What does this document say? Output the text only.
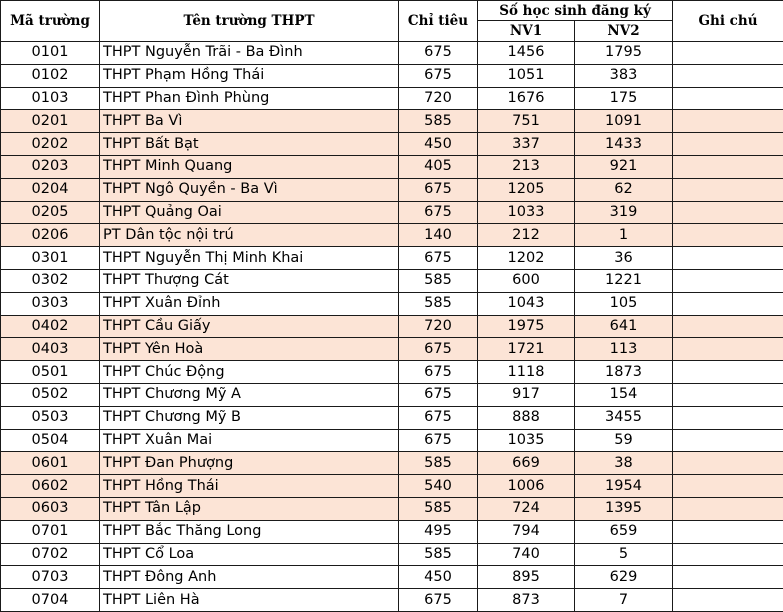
Mã trường	Tên trường THPT	Chỉ tiêu	Số học sinh đăng ký		Ghi chú
			NV1	NV2	
0101	THPT Nguyễn Trãi - Ba Đình	675	1456	1795	
0102	THPT Phạm Hồng Thái	675	1051	383	
0103	THPT Phan Đình Phùng	720	1676	175	
0201	THPT Ba Vì	585	751	1091	
0202	THPT Bất Bạt	450	337	1433	
0203	THPT Minh Quang	405	213	921	
0204	THPT Ngô Quyền - Ba Vì	675	1205	62	
0205	THPT Quảng Oai	675	1033	319	
0206	PT Dân tộc nội trú	140	212	1	
0301	THPT Nguyễn Thị Minh Khai	675	1202	36	
0302	THPT Thượng Cát	585	600	1221	
0303	THPT Xuân Đỉnh	585	1043	105	
0402	THPT Cầu Giấy	720	1975	641	
0403	THPT Yên Hoà	675	1721	113	
0501	THPT Chúc Động	675	1118	1873	
0502	THPT Chương Mỹ A	675	917	154	
0503	THPT Chương Mỹ B	675	888	3455	
0504	THPT Xuân Mai	675	1035	59	
0601	THPT Đan Phượng	585	669	38	
0602	THPT Hồng Thái	540	1006	1954	
0603	THPT Tân Lập	585	724	1395	
0701	THPT Bắc Thăng Long	495	794	659	
0702	THPT Cổ Loa	585	740	5	
0703	THPT Đông Anh	450	895	629	
0704	THPT Liên Hà	675	873	7	
